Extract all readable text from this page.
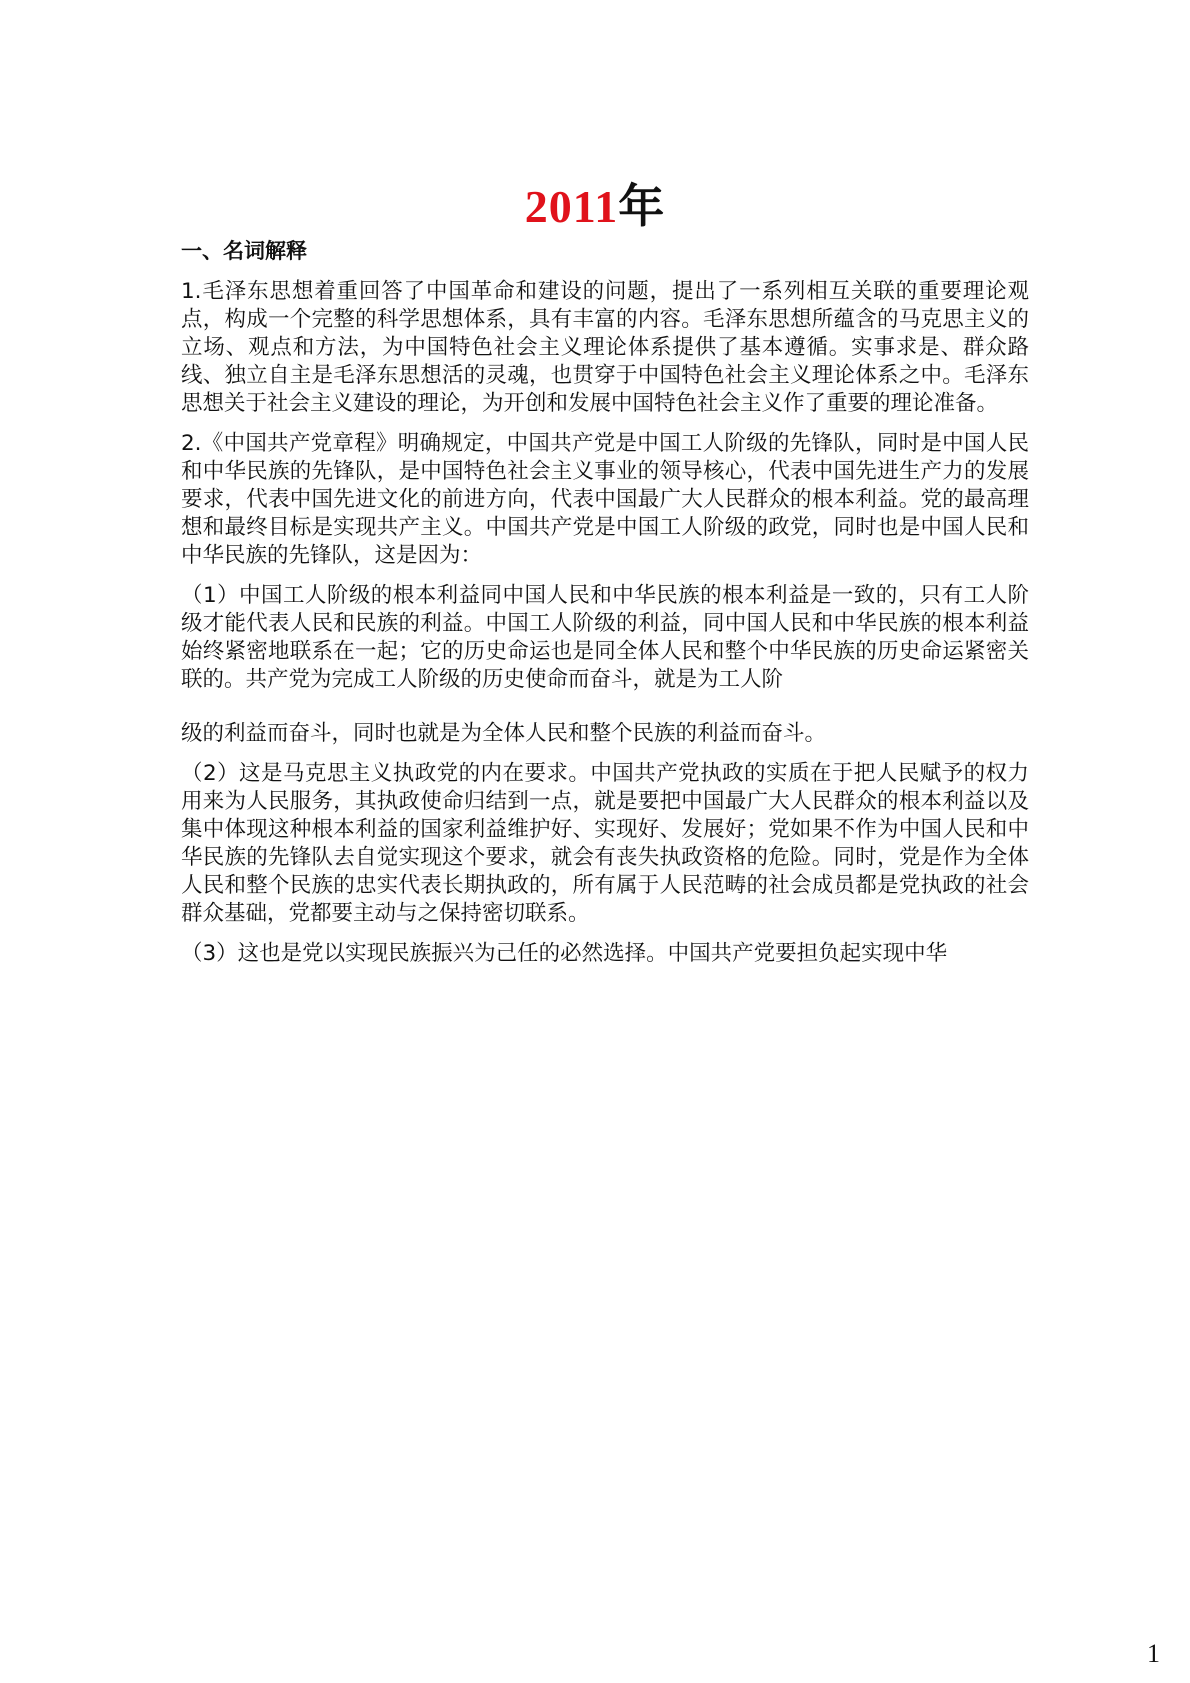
2011年
一、名词解释

1.毛泽东思想着重回答了中国革命和建设的问题，提出了一系列相互关联的重要理论观点，构成一个完整的科学思想体系，具有丰富的内容。毛泽东思想所蕴含的马克思主义的立场、观点和方法，为中国特色社会主义理论体系提供了基本遵循。实事求是、群众路线、独立自主是毛泽东思想活的灵魂，也贯穿于中国特色社会主义理论体系之中。毛泽东思想关于社会主义建设的理论，为开创和发展中国特色社会主义作了重要的理论准备。

2.《中国共产党章程》明确规定，中国共产党是中国工人阶级的先锋队，同时是中国人民和中华民族的先锋队，是中国特色社会主义事业的领导核心，代表中国先进生产力的发展要求，代表中国先进文化的前进方向，代表中国最广大人民群众的根本利益。党的最高理想和最终目标是实现共产主义。中国共产党是中国工人阶级的政党，同时也是中国人民和中华民族的先锋队，这是因为：

（1）中国工人阶级的根本利益同中国人民和中华民族的根本利益是一致的，只有工人阶级才能代表人民和民族的利益。中国工人阶级的利益，同中国人民和中华民族的根本利益始终紧密地联系在一起；它的历史命运也是同全体人民和整个中华民族的历史命运紧密关联的。共产党为完成工人阶级的历史使命而奋斗，就是为工人阶

级的利益而奋斗，同时也就是为全体人民和整个民族的利益而奋斗。

（2）这是马克思主义执政党的内在要求。中国共产党执政的实质在于把人民赋予的权力用来为人民服务，其执政使命归结到一点，就是要把中国最广大人民群众的根本利益以及集中体现这种根本利益的国家利益维护好、实现好、发展好；党如果不作为中国人民和中华民族的先锋队去自觉实现这个要求，就会有丧失执政资格的危险。同时，党是作为全体人民和整个民族的忠实代表长期执政的，所有属于人民范畴的社会成员都是党执政的社会群众基础，党都要主动与之保持密切联系。

（3）这也是党以实现民族振兴为己任的必然选择。中国共产党要担负起实现中华

1
